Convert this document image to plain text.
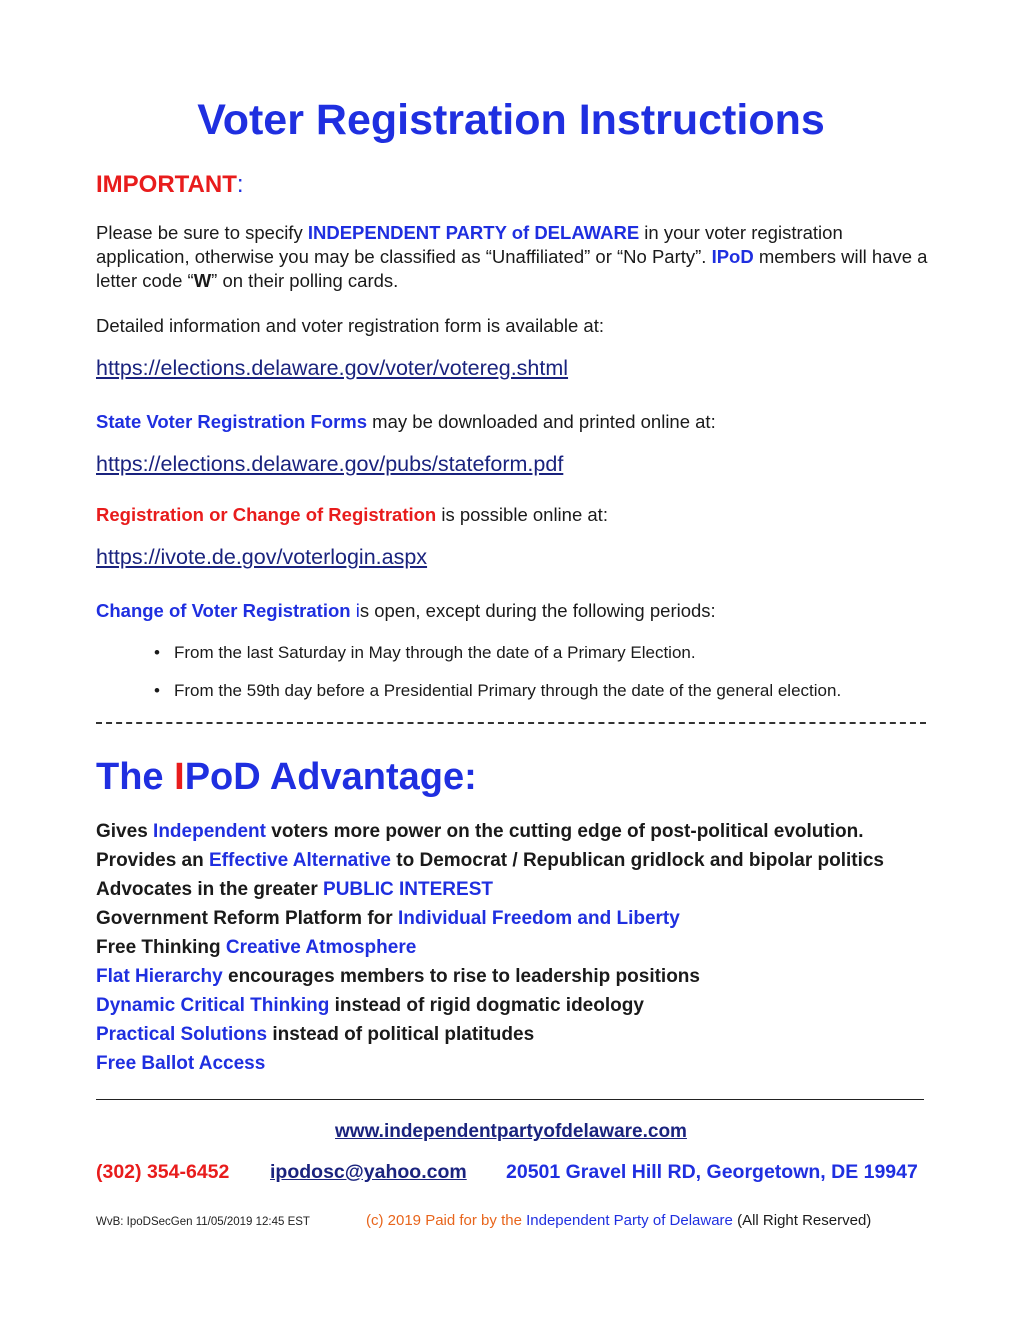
Voter Registration Instructions

IMPORTANT:

Please be sure to specify INDEPENDENT PARTY of DELAWARE in your voter registration application, otherwise you may be classified as “Unaffiliated” or “No Party”. IPoD members will have a letter code “W” on their polling cards.

Detailed information and voter registration form is available at:

https://elections.delaware.gov/voter/votereg.shtml

State Voter Registration Forms may be downloaded and printed online at:

https://elections.delaware.gov/pubs/stateform.pdf

Registration or Change of Registration is possible online at:

https://ivote.de.gov/voterlogin.aspx

Change of Voter Registration is open, except during the following periods:

• From the last Saturday in May through the date of a Primary Election.
• From the 59th day before a Presidential Primary through the date of the general election.
The IPoD Advantage:
Gives Independent voters more power on the cutting edge of post-political evolution.
Provides an Effective Alternative to Democrat / Republican gridlock and bipolar politics
Advocates in the greater PUBLIC INTEREST
Government Reform Platform for Individual Freedom and Liberty
Free Thinking Creative Atmosphere
Flat Hierarchy encourages members to rise to leadership positions
Dynamic Critical Thinking instead of rigid dogmatic ideology
Practical Solutions instead of political platitudes
Free Ballot Access

www.independentpartyofdelaware.com

(302) 354-6452 ipodosc@yahoo.com 20501 Gravel Hill RD, Georgetown, DE 19947

WvB: IpoDSecGen 11/05/2019 12:45 EST	(c) 2019 Paid for by the Independent Party of Delaware (All Right Reserved)
